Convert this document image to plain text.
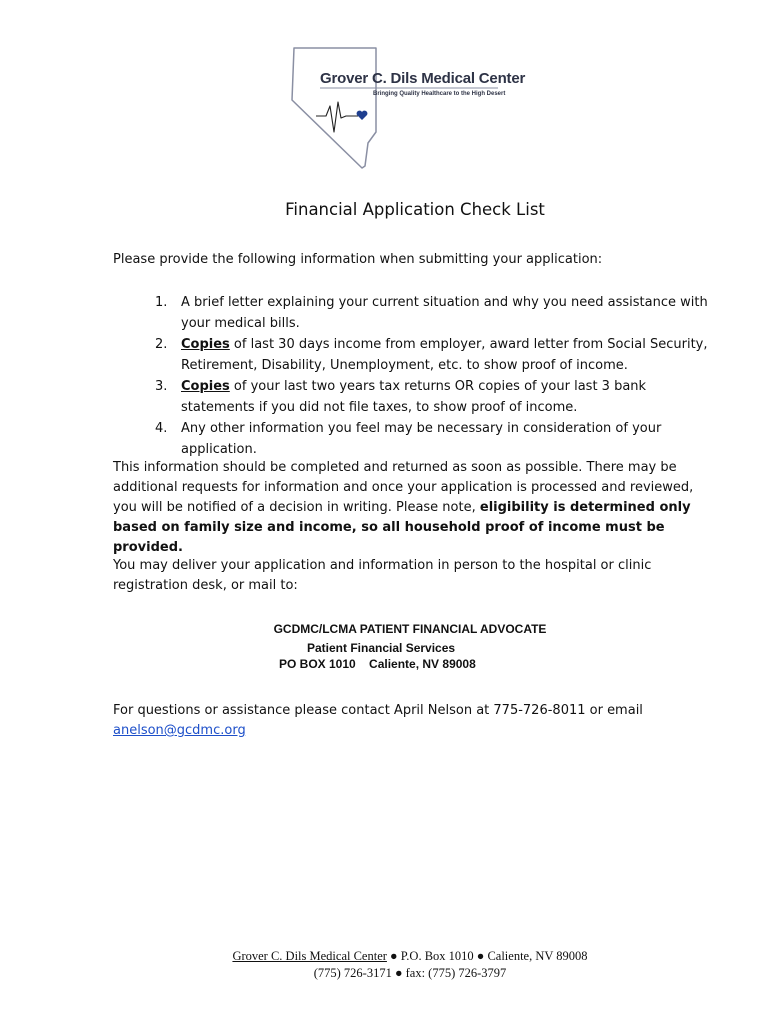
Grover C. Dils Medical Center
Bringing Quality Healthcare to the High Desert
Financial Application Check List
Please provide the following information when submitting your application:
1. A brief letter explaining your current situation and why you need assistance with your medical bills.
2. Copies of last 30 days income from employer, award letter from Social Security, Retirement, Disability, Unemployment, etc. to show proof of income.
3. Copies of your last two years tax returns OR copies of your last 3 bank statements if you did not file taxes, to show proof of income.
4. Any other information you feel may be necessary in consideration of your application.
This information should be completed and returned as soon as possible. There may be additional requests for information and once your application is processed and reviewed, you will be notified of a decision in writing. Please note, eligibility is determined only based on family size and income, so all household proof of income must be provided.
You may deliver your application and information in person to the hospital or clinic registration desk, or mail to:
GCDMC/LCMA PATIENT FINANCIAL ADVOCATE
Patient Financial Services
PO BOX 1010    Caliente, NV 89008
For questions or assistance please contact April Nelson at 775-726-8011 or email
anelson@gcdmc.org
Grover C. Dils Medical Center ● P.O. Box 1010 ● Caliente, NV 89008
(775) 726-3171 ● fax: (775) 726-3797
